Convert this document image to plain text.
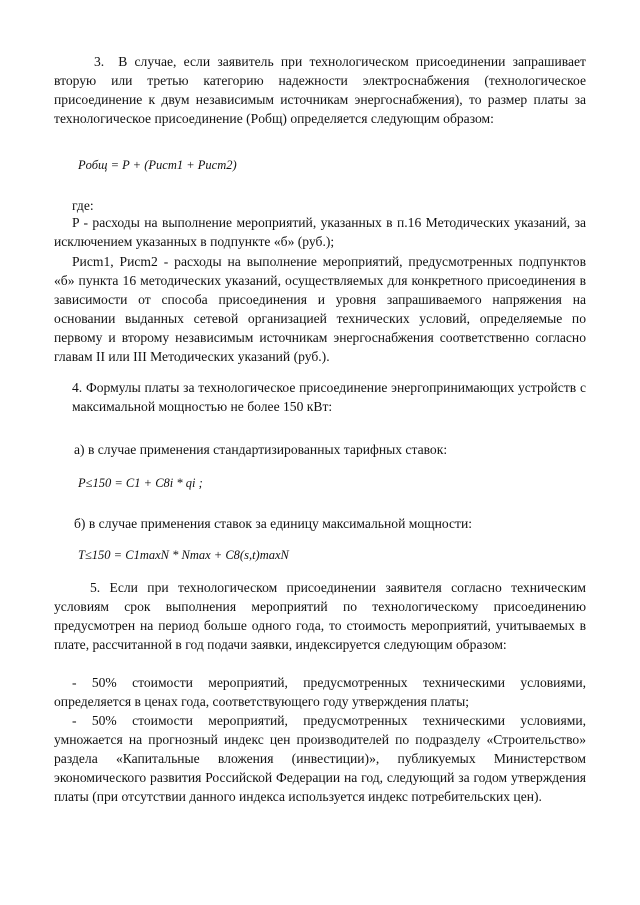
3. В случае, если заявитель при технологическом присоединении запрашивает вторую или третью категорию надежности электроснабжения (технологическое присоединение к двум независимым источникам энергоснабжения), то размер платы за технологическое присоединение (Pобщ) определяется следующим образом:

Pобщ = P + (Pисm1 + Pисm2)

где:

P - расходы на выполнение мероприятий, указанных в п.16 Методических указаний, за исключением указанных в подпункте «б» (руб.);

Pисm1, Pисm2 - расходы на выполнение мероприятий, предусмотренных подпунктов «б» пункта 16 методических указаний, осуществляемых для конкретного присоединения в зависимости от способа присоединения и уровня запрашиваемого напряжения на основании выданных сетевой организацией технических условий, определяемые по первому и второму независимым источникам энергоснабжения соответственно согласно главам II или III Методических указаний (руб.).

4. Формулы платы за технологическое присоединение энергопринимающих устройств с максимальной мощностью не более 150 кВт:

а) в случае применения стандартизированных тарифных ставок:

P≤150 = C1 + C8i * qi ;

б) в случае применения ставок за единицу максимальной мощности:

T≤150 = C1maxN * Nmax + C8(s,t)maxN

5. Если при технологическом присоединении заявителя согласно техническим условиям срок выполнения мероприятий по технологическому присоединению предусмотрен на период больше одного года, то стоимость мероприятий, учитываемых в плате, рассчитанной в год подачи заявки, индексируется следующим образом:

- 50% стоимости мероприятий, предусмотренных техническими условиями, определяется в ценах года, соответствующего году утверждения платы;

- 50% стоимости мероприятий, предусмотренных техническими условиями, умножается на прогнозный индекс цен производителей по подразделу «Строительство» раздела «Капитальные вложения (инвестиции)», публикуемых Министерством экономического развития Российской Федерации на год, следующий за годом утверждения платы (при отсутствии данного индекса используется индекс потребительских цен).
